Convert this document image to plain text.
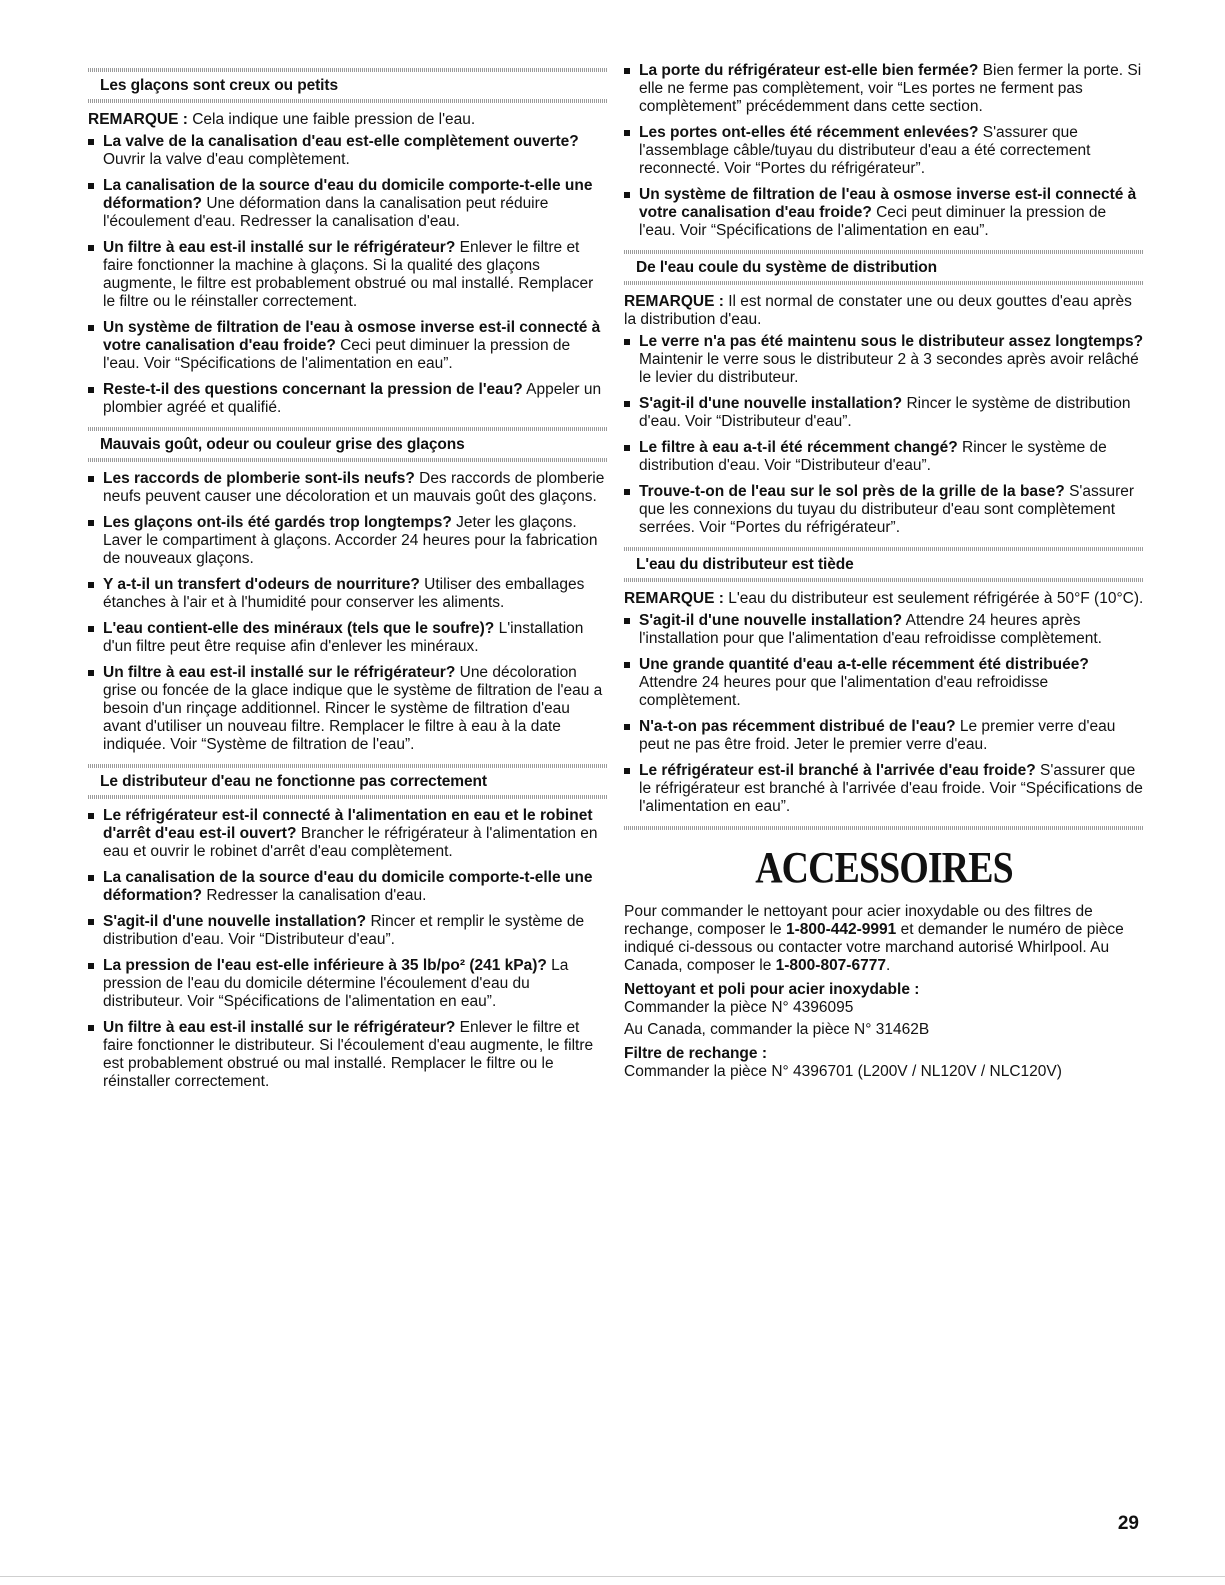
Les glaçons sont creux ou petits

REMARQUE : Cela indique une faible pression de l'eau.

La valve de la canalisation d'eau est-elle complètement ouverte? Ouvrir la valve d'eau complètement.
La canalisation de la source d'eau du domicile comporte-t-elle une déformation? Une déformation dans la canalisation peut réduire l'écoulement d'eau. Redresser la canalisation d'eau.
Un filtre à eau est-il installé sur le réfrigérateur? Enlever le filtre et faire fonctionner la machine à glaçons. Si la qualité des glaçons augmente, le filtre est probablement obstrué ou mal installé. Remplacer le filtre ou le réinstaller correctement.
Un système de filtration de l'eau à osmose inverse est-il connecté à votre canalisation d'eau froide? Ceci peut diminuer la pression de l'eau. Voir “Spécifications de l'alimentation en eau”.
Reste-t-il des questions concernant la pression de l'eau? Appeler un plombier agréé et qualifié.
Mauvais goût, odeur ou couleur grise des glaçons
Les raccords de plomberie sont-ils neufs? Des raccords de plomberie neufs peuvent causer une décoloration et un mauvais goût des glaçons.
Les glaçons ont-ils été gardés trop longtemps? Jeter les glaçons. Laver le compartiment à glaçons. Accorder 24 heures pour la fabrication de nouveaux glaçons.
Y a-t-il un transfert d'odeurs de nourriture? Utiliser des emballages étanches à l'air et à l'humidité pour conserver les aliments.
L'eau contient-elle des minéraux (tels que le soufre)? L'installation d'un filtre peut être requise afin d'enlever les minéraux.
Un filtre à eau est-il installé sur le réfrigérateur? Une décoloration grise ou foncée de la glace indique que le système de filtration de l'eau a besoin d'un rinçage additionnel. Rincer le système de filtration d'eau avant d'utiliser un nouveau filtre. Remplacer le filtre à eau à la date indiquée. Voir “Système de filtration de l'eau”.
Le distributeur d'eau ne fonctionne pas correctement
Le réfrigérateur est-il connecté à l'alimentation en eau et le robinet d'arrêt d'eau est-il ouvert? Brancher le réfrigérateur à l'alimentation en eau et ouvrir le robinet d'arrêt d'eau complètement.
La canalisation de la source d'eau du domicile comporte-t-elle une déformation? Redresser la canalisation d'eau.
S'agit-il d'une nouvelle installation? Rincer et remplir le système de distribution d'eau. Voir “Distributeur d'eau”.
La pression de l'eau est-elle inférieure à 35 lb/po² (241 kPa)? La pression de l'eau du domicile détermine l'écoulement d'eau du distributeur. Voir “Spécifications de l'alimentation en eau”.
Un filtre à eau est-il installé sur le réfrigérateur? Enlever le filtre et faire fonctionner le distributeur. Si l'écoulement d'eau augmente, le filtre est probablement obstrué ou mal installé. Remplacer le filtre ou le réinstaller correctement.
La porte du réfrigérateur est-elle bien fermée? Bien fermer la porte. Si elle ne ferme pas complètement, voir “Les portes ne ferment pas complètement” précédemment dans cette section.
Les portes ont-elles été récemment enlevées? S'assurer que l'assemblage câble/tuyau du distributeur d'eau a été correctement reconnecté. Voir “Portes du réfrigérateur”.
Un système de filtration de l'eau à osmose inverse est-il connecté à votre canalisation d'eau froide? Ceci peut diminuer la pression de l'eau. Voir “Spécifications de l'alimentation en eau”.
De l'eau coule du système de distribution

REMARQUE : Il est normal de constater une ou deux gouttes d'eau après la distribution d'eau.

Le verre n'a pas été maintenu sous le distributeur assez longtemps? Maintenir le verre sous le distributeur 2 à 3 secondes après avoir relâché le levier du distributeur.
S'agit-il d'une nouvelle installation? Rincer le système de distribution d'eau. Voir “Distributeur d'eau”.
Le filtre à eau a-t-il été récemment changé? Rincer le système de distribution d'eau. Voir “Distributeur d'eau”.
Trouve-t-on de l'eau sur le sol près de la grille de la base? S'assurer que les connexions du tuyau du distributeur d'eau sont complètement serrées. Voir “Portes du réfrigérateur”.
L'eau du distributeur est tiède

REMARQUE : L'eau du distributeur est seulement réfrigérée à 50°F (10°C).

S'agit-il d'une nouvelle installation? Attendre 24 heures après l'installation pour que l'alimentation d'eau refroidisse complètement.
Une grande quantité d'eau a-t-elle récemment été distribuée? Attendre 24 heures pour que l'alimentation d'eau refroidisse complètement.
N'a-t-on pas récemment distribué de l'eau? Le premier verre d'eau peut ne pas être froid. Jeter le premier verre d'eau.
Le réfrigérateur est-il branché à l'arrivée d'eau froide? S'assurer que le réfrigérateur est branché à l'arrivée d'eau froide. Voir “Spécifications de l'alimentation en eau”.
ACCESSOIRES

Pour commander le nettoyant pour acier inoxydable ou des filtres de rechange, composer le 1-800-442-9991 et demander le numéro de pièce indiqué ci-dessous ou contacter votre marchand autorisé Whirlpool. Au Canada, composer le 1-800-807-6777.

Nettoyant et poli pour acier inoxydable :

Commander la pièce N° 4396095

Au Canada, commander la pièce N° 31462B

Filtre de rechange :

Commander la pièce N° 4396701 (L200V / NL120V / NLC120V)

29
